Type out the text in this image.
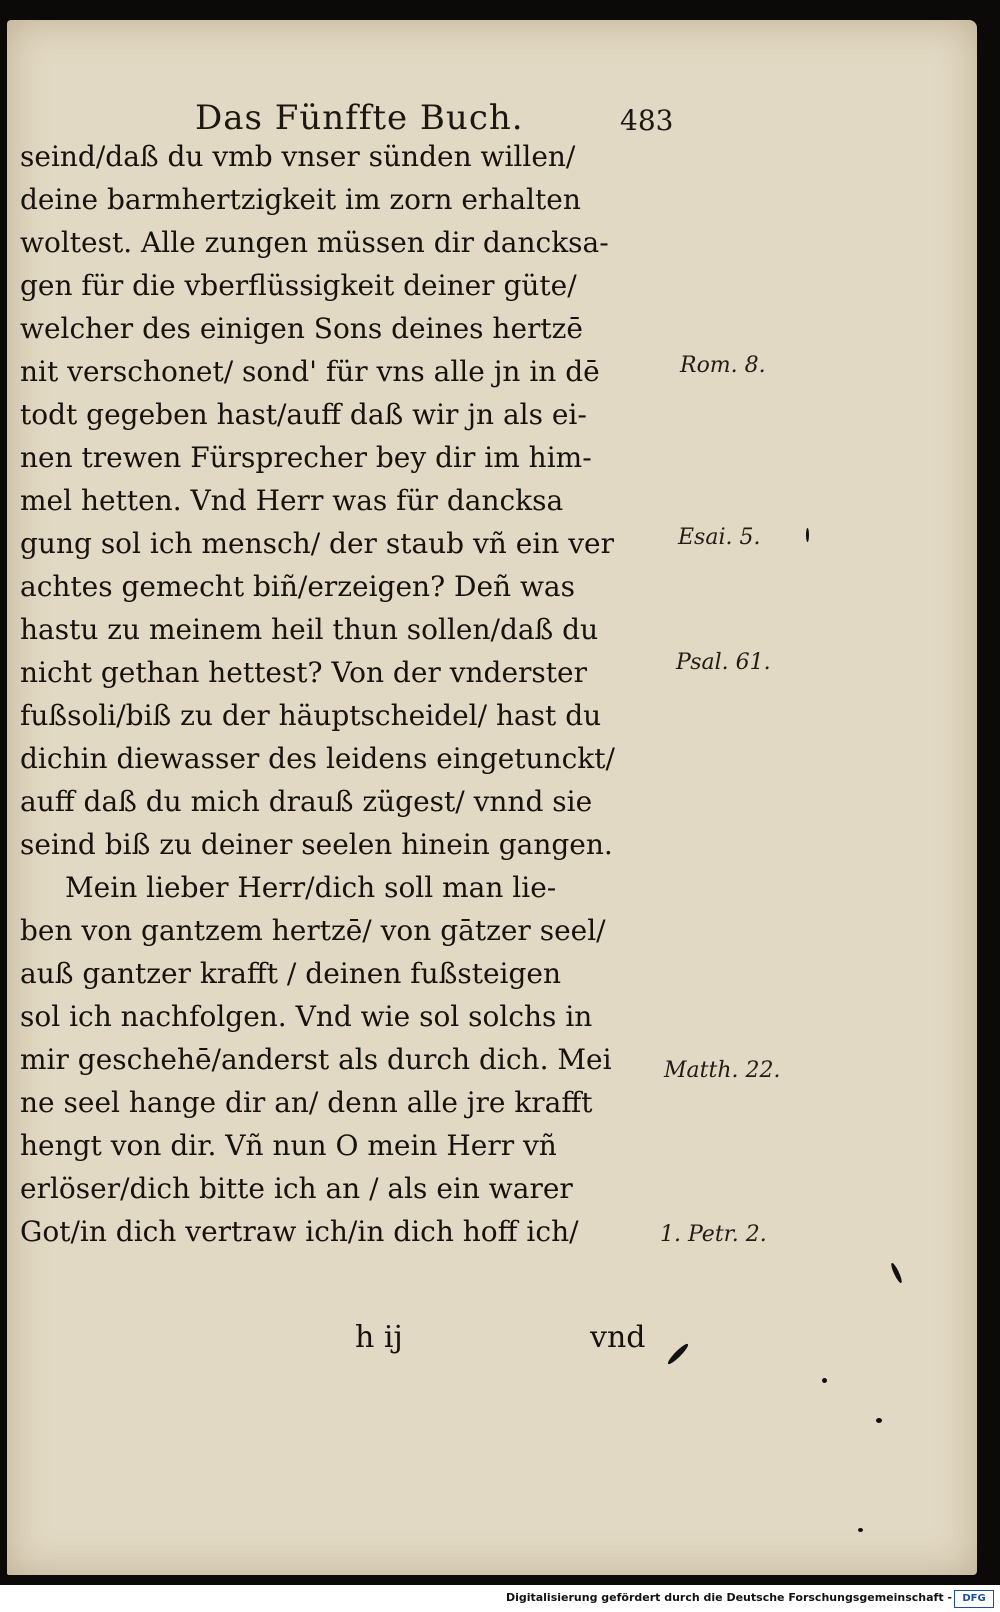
Das Fünffte Buch.	483
seind/daß du vmb vnser sünden willen/
deine barmhertzigkeit im zorn erhalten
woltest. Alle zungen müssen dir dancksa-
gen für die vberflüssigkeit deiner güte/
welcher des einigen Sons deines hertzē
nit verschonet/ sond' für vns alle jn in dē
todt gegeben hast/auff daß wir jn als ei-
nen trewen Fürsprecher bey dir im him-
mel hetten. Vnd Herr was für dancksa
gung sol ich mensch/ der staub vñ ein ver
achtes gemecht biñ/erzeigen? Deñ was
hastu zu meinem heil thun sollen/daß du
nicht gethan hettest? Von der vnderster
fußsoli/biß zu der häuptscheidel/ hast du
dichin diewasser des leidens eingetunckt/
auff daß du mich drauß zügest/ vnnd sie
seind biß zu deiner seelen hinein gangen.
Mein lieber Herr/dich soll man lie-
ben von gantzem hertzē/ von gātzer seel/
auß gantzer krafft / deinen fußsteigen
sol ich nachfolgen. Vnd wie sol solchs in
mir geschehē/anderst als durch dich. Mei
ne seel hange dir an/ denn alle jre krafft
hengt von dir. Vñ nun O mein Herr vñ
erlöser/dich bitte ich an / als ein warer
Got/in dich vertraw ich/in dich hoff ich/
Rom. 8.
Esai. 5.
Psal. 61.
Matth. 22.
1. Petr. 2.
h ij	vnd
Digitalisierung gefördert durch die Deutsche Forschungsgemeinschaft -	DFG
